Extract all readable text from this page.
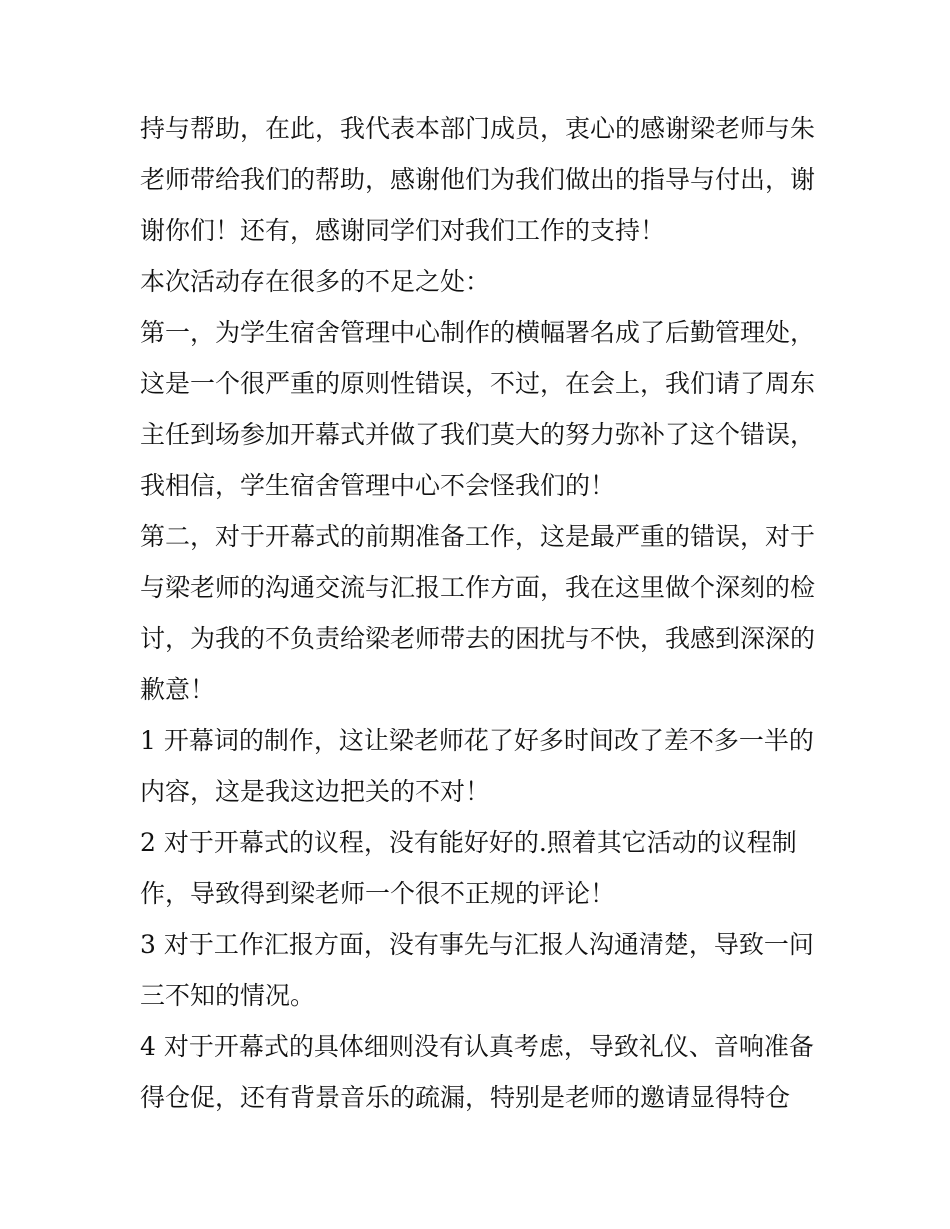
持与帮助，在此，我代表本部门成员，衷心的感谢梁老师与朱
老师带给我们的帮助，感谢他们为我们做出的指导与付出，谢
谢你们！还有，感谢同学们对我们工作的支持！
本次活动存在很多的不足之处：
第一，为学生宿舍管理中心制作的横幅署名成了后勤管理处，
这是一个很严重的原则性错误，不过，在会上，我们请了周东
主任到场参加开幕式并做了我们莫大的努力弥补了这个错误，
我相信，学生宿舍管理中心不会怪我们的！
第二，对于开幕式的前期准备工作，这是最严重的错误，对于
与梁老师的沟通交流与汇报工作方面，我在这里做个深刻的检
讨，为我的不负责给梁老师带去的困扰与不快，我感到深深的
歉意！
1 开幕词的制作，这让梁老师花了好多时间改了差不多一半的
内容，这是我这边把关的不对！
2 对于开幕式的议程，没有能好好的.照着其它活动的议程制
作，导致得到梁老师一个很不正规的评论！
3 对于工作汇报方面，没有事先与汇报人沟通清楚，导致一问
三不知的情况。
4 对于开幕式的具体细则没有认真考虑，导致礼仪、音响准备
得仓促，还有背景音乐的疏漏，特别是老师的邀请显得特仓
